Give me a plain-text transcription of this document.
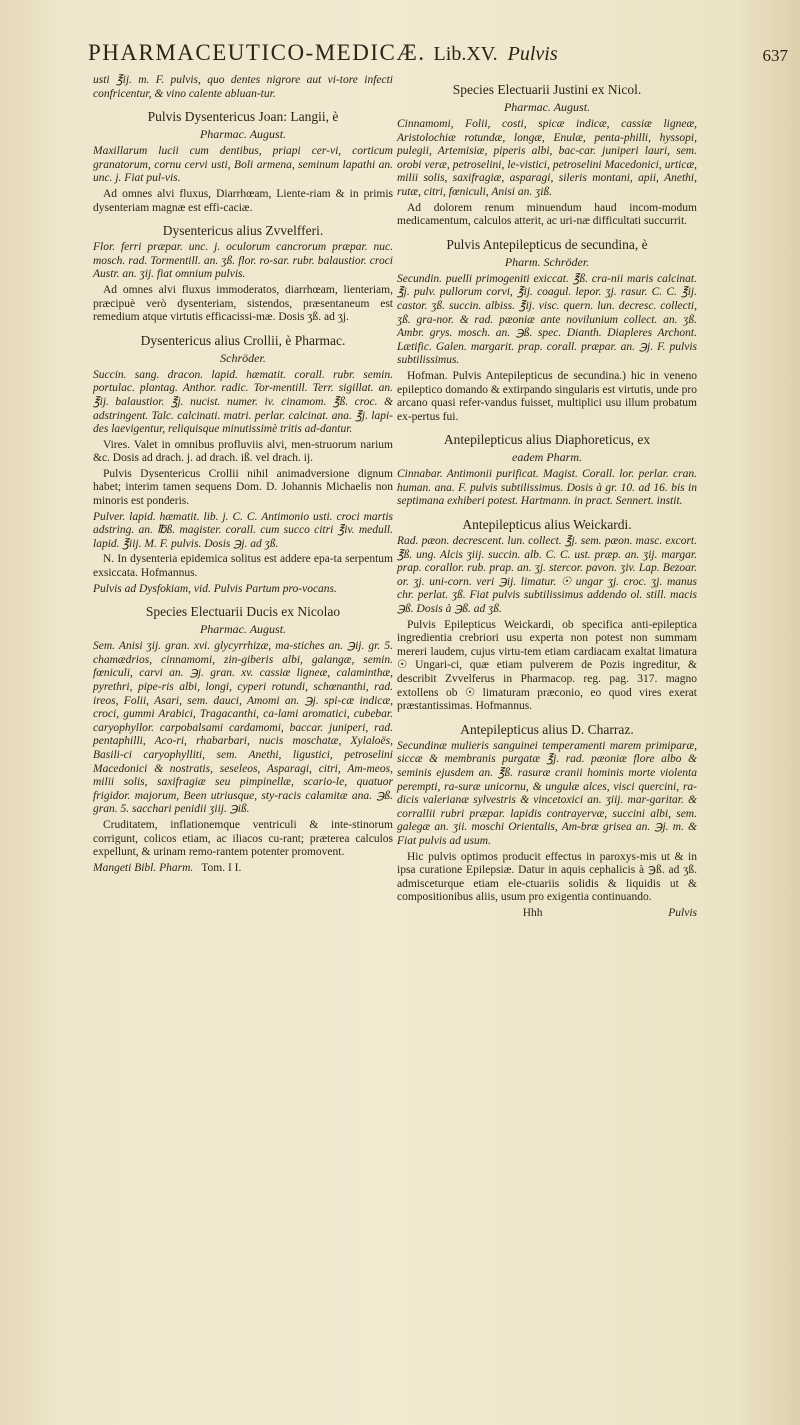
PHARMACEUTICO-MEDICÆ. Lib.XV. Pulvis	637

usti ℥ij. m. F. pulvis, quo dentes nigrore aut vi-tore infecti confricentur, & vino calente abluan-tur.

Pulvis Dysentericus Joan: Langii, è

Pharmac. August.

Maxillarum lucii cum dentibus, priapi cer-vi, corticum granatorum, cornu cervi usti, Boli armena, seminum lapathi an. unc. j. Fiat pul-vis.

Ad omnes alvi fluxus, Diarrhœam, Liente-riam & in primis dysenteriam magnæ est effi-caciæ.

Dysentericus alius Zvvelfferi.

Flor. ferri præpar. unc. j. oculorum cancrorum præpar. nuc. mosch. rad. Tormentill. an. ʒß. flor. ro-sar. rubr. balaustior. croci Austr. an. ʒij. fiat omnium pulvis.

Ad omnes alvi fluxus immoderatos, diarrhœam, lienteriam, præcipuè verò dysenteriam, sistendos, præsentaneum est remedium atque virtutis efficacissi-mæ. Dosis ʒß. ad ʒj.

Dysentericus alius Crollii, è Pharmac.

Schröder.

Succin. sang. dracon. lapid. hæmatit. corall. rubr. semin. portulac. plantag. Anthor. radic. Tor-mentill. Terr. sigillat. an. ℥ij. balaustior. ℥j. nucist. numer. iv. cinamom. ℥ß. croc. & adstringent. Talc. calcinati. matri. perlar. calcinat. ana. ℥j. lapi-des laevigentur, reliquisque minutissimè tritis ad-dantur.

Vires. Valet in omnibus profluviis alvi, men-struorum narium &c. Dosis ad drach. j. ad drach. iß. vel drach. ij.

Pulvis Dysentericus Crollii nihil animadversione dignum habet; interim tamen sequens Dom. D. Johannis Michaelis non minoris est ponderis.

Pulver. lapid. hæmatit. lib. j. C. C. Antimonio usti. croci martis adstring. an. ℔ß. magister. corall. cum succo citri ℥iv. medull. lapid. ℥iij. M. F. pulvis. Dosis ℈j. ad ʒß.

N. In dysenteria epidemica solitus est addere epa-ta serpentum exsiccata. Hofmannus.

Pulvis ad Dysfokiam, vid. Pulvis Partum pro-vocans.

Species Electuarii Ducis ex Nicolao

Pharmac. August.

Sem. Anisi ʒij. gran. xvi. glycyrrhizæ, ma-stiches an. ℈ij. gr. 5. chamædrios, cinnamomi, zin-giberis albi, galangæ, semin. fœniculi, carvi an. ℈j. gran. xv. cassiæ ligneæ, calaminthæ, pyrethri, pipe-ris albi, longi, cyperi rotundi, schœnanthi, rad. ireos, Folii, Asari, sem. dauci, Amomi an. ℈j. spi-cæ indicæ, croci, gummi Arabici, Tragacanthi, ca-lami aromatici, cubebar. caryophyllor. carpobalsami cardamomi, baccar. juniperi, rad. pentaphilli, Aco-ri, rhabarbari, nucis moschatæ, Xylaloës, Basili-ci caryophylliti, sem. Anethi, ligustici, petroselini Macedonici & nostratis, seseleos, Asparagi, citri, Am-meos, milii solis, saxifragiæ seu pimpinellæ, scario-le, quatuor frigidor. majorum, Been utriusque, sty-racis calamitæ ana. ℈ß. gran. 5. sacchari penidii ʒiij. ℈iß.

Cruditatem, inflationemque ventriculi & inte-stinorum corrigunt, colicos etiam, ac iliacos cu-rant; præterea calculos expellunt, & urinam remo-rantem potenter promovent.

Mangeti Bibl. Pharm. Tom. I I.

Species Electuarii Justini ex Nicol.

Pharmac. August.

Cinnamomi, Folii, costi, spicæ indicæ, cassiæ ligneæ, Aristolochiæ rotundæ, longæ, Enulæ, penta-philli, hyssopi, pulegii, Artemisiæ, piperis albi, bac-car. juniperi lauri, sem. orobi veræ, petroselini, le-vistici, petroselini Macedonici, urticæ, milii solis, saxifragiæ, asparagi, sileris montani, apii, Anethi, rutæ, citri, fœniculi, Anisi an. ʒiß.

Ad dolorem renum minuendum haud incom-modum medicamentum, calculos atterit, ac uri-næ difficultati succurrit.

Pulvis Antepilepticus de secundina, è

Pharm. Schröder.

Secundin. puelli primogeniti exiccat. ℥ß. cra-nii maris calcinat. ℥j. pulv. pullorum corvi, ℥ij. coagul. lepor. ʒj. rasur. C. C. ℥ij. castor. ʒß. succin. albiss. ℥ij. visc. quern. lun. decresc. collecti, ʒß. gra-nor. & rad. pæoniæ ante novilunium collect. an. ʒß. Ambr. grys. mosch. an. ℈ß. spec. Dianth. Diapleres Archont. Lætific. Galen. margarit. prap. corall. præpar. an. ℈j. F. pulvis subtilissimus.

Hofman. Pulvis Antepilepticus de secundina.) hic in veneno epileptico domando & extirpando singularis est virtutis, unde pro arcano quasi refer-vandus fuisset, multiplici usu illum probatum ex-pertus fui.

Antepilepticus alius Diaphoreticus, ex

eadem Pharm.

Cinnabar. Antimonii purificat. Magist. Corall. lor. perlar. cran. human. ana. F. pulvis subtilissimus. Dosis à gr. 10. ad 16. bis in septimana exhiberi potest. Hartmann. in pract. Sennert. instit.

Antepilepticus alius Weickardi.

Rad. pæon. decrescent. lun. collect. ℥j. sem. pæon. masc. excort. ℥ß. ung. Alcis ʒiij. succin. alb. C. C. ust. præp. an. ʒij. margar. prap. corallor. rub. prap. an. ʒj. stercor. pavon. ʒiv. Lap. Bezoar. or. ʒj. uni-corn. veri ℈ij. limatur. ☉ ungar ʒj. croc. ʒj. manus chr. perlat. ʒß. Fiat pulvis subtilissimus addendo ol. still. macis ℈ß. Dosis à ℈ß. ad ʒß.

Pulvis Epilepticus Weickardi, ob specifica anti-epileptica ingredientia crebriori usu experta non potest non summam mereri laudem, cujus virtu-tem etiam cardiacam exaltat limatura ☉ Ungari-ci, quæ etiam pulverem de Pozis ingreditur, & describit Zvvelferus in Pharmacop. reg. pag. 317. magno extollens ob ☉ limaturam præconio, eo quod vires exerat præstantissimas. Hofmannus.

Antepilepticus alius D. Charraz.

Secundinæ mulieris sanguinei temperamenti marem primiparæ, siccæ & membranis purgatæ ℥j. rad. pæoniæ flore albo & seminis ejusdem an. ℥ß. rasuræ cranii hominis morte violenta perempti, ra-suræ unicornu, & ungulæ alces, visci quercini, ra-dicis valerianæ sylvestris & vincetoxici an. ʒiij. mar-garitar. & corrallii rubri præpar. lapidis contrayervæ, succini albi, sem. galegæ an. ʒii. moschi Orientalis, Am-bræ grisea an. ℈j. m. & Fiat pulvis ad usum.

Hic pulvis optimos producit effectus in paroxys-mis ut & in ipsa curatione Epilepsiæ. Datur in aquis cephalicis à ℈ß. ad ʒß. admisceturque etiam ele-ctuariis solidis & liquidis ut & compositionibus aliis, usum pro exigentia continuando.

Hhh	Pulvis
